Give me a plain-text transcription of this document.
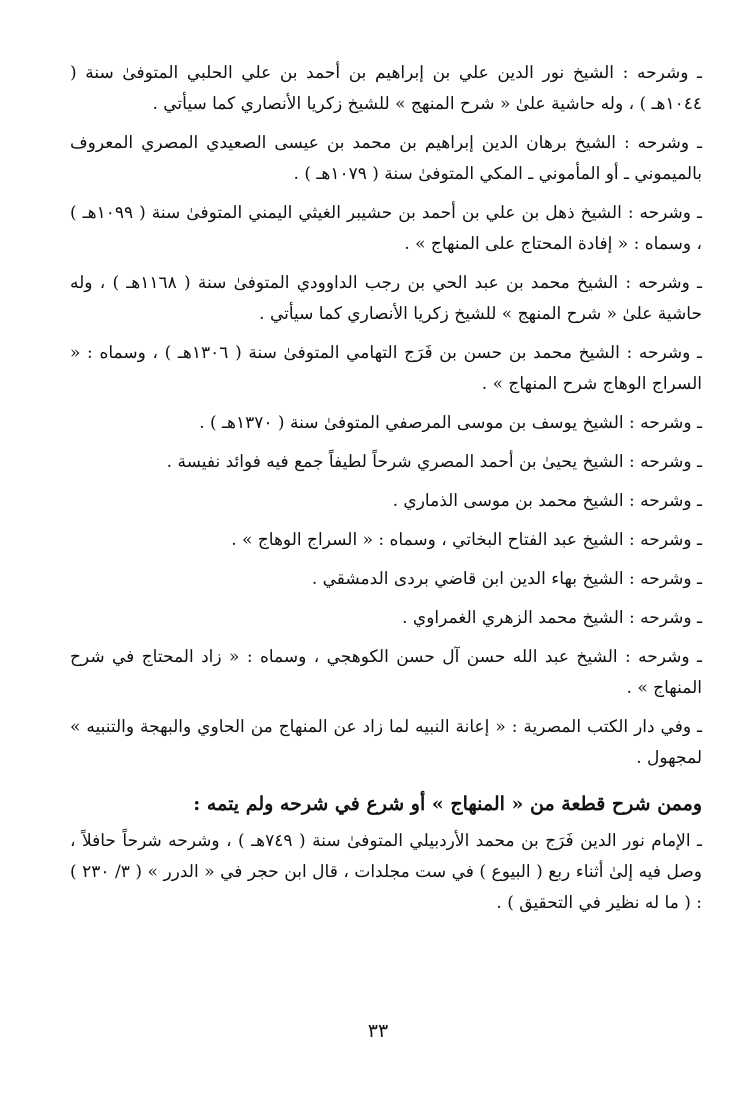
ـ وشرحه : الشيخ نور الدين علي بن إبراهيم بن أحمد بن علي الحلبي المتوفىٰ سنة ( ١٠٤٤هـ ) ، وله حاشية علىٰ « شرح المنهج » للشيخ زكريا الأنصاري كما سيأتي .

ـ وشرحه : الشيخ برهان الدين إبراهيم بن محمد بن عيسى الصعيدي المصري المعروف بالميموني ـ أو المأموني ـ المكي المتوفىٰ سنة ( ١٠٧٩هـ ) .

ـ وشرحه : الشيخ ذهل بن علي بن أحمد بن حشيبر الغيثي اليمني المتوفىٰ سنة ( ١٠٩٩هـ ) ، وسماه : « إفادة المحتاج على المنهاج » .

ـ وشرحه : الشيخ محمد بن عبد الحي بن رجب الداوودي المتوفىٰ سنة ( ١١٦٨هـ ) ، وله حاشية علىٰ « شرح المنهج » للشيخ زكريا الأنصاري كما سيأتي .

ـ وشرحه : الشيخ محمد بن حسن بن فَرَج التهامي المتوفىٰ سنة ( ١٣٠٦هـ ) ، وسماه : « السراج الوهاج شرح المنهاج » .

ـ وشرحه : الشيخ يوسف بن موسى المرصفي المتوفىٰ سنة ( ١٣٧٠هـ ) .

ـ وشرحه : الشيخ يحيىٰ بن أحمد المصري شرحاً لطيفاً جمع فيه فوائد نفيسة .

ـ وشرحه : الشيخ محمد بن موسى الذماري .

ـ وشرحه : الشيخ عبد الفتاح البخاتي ، وسماه : « السراج الوهاج » .

ـ وشرحه : الشيخ بهاء الدين ابن قاضي بردى الدمشقي .

ـ وشرحه : الشيخ محمد الزهري الغمراوي .

ـ وشرحه : الشيخ عبد الله حسن آل حسن الكوهجي ، وسماه : « زاد المحتاج في شرح المنهاج » .

ـ وفي دار الكتب المصرية : « إعانة النبيه لما زاد عن المنهاج من الحاوي والبهجة والتنبيه » لمجهول .

وممن شرح قطعة من « المنهاج » أو شرع في شرحه ولم يتمه :

ـ الإمام نور الدين فَرَج بن محمد الأردبيلي المتوفىٰ سنة ( ٧٤٩هـ ) ، وشرحه شرحاً حافلاً ، وصل فيه إلىٰ أثناء ربع ( البيوع ) في ست مجلدات ، قال ابن حجر في « الدرر » ( ٣/ ٢٣٠ ) : ( ما له نظير في التحقيق ) .

٣٣
